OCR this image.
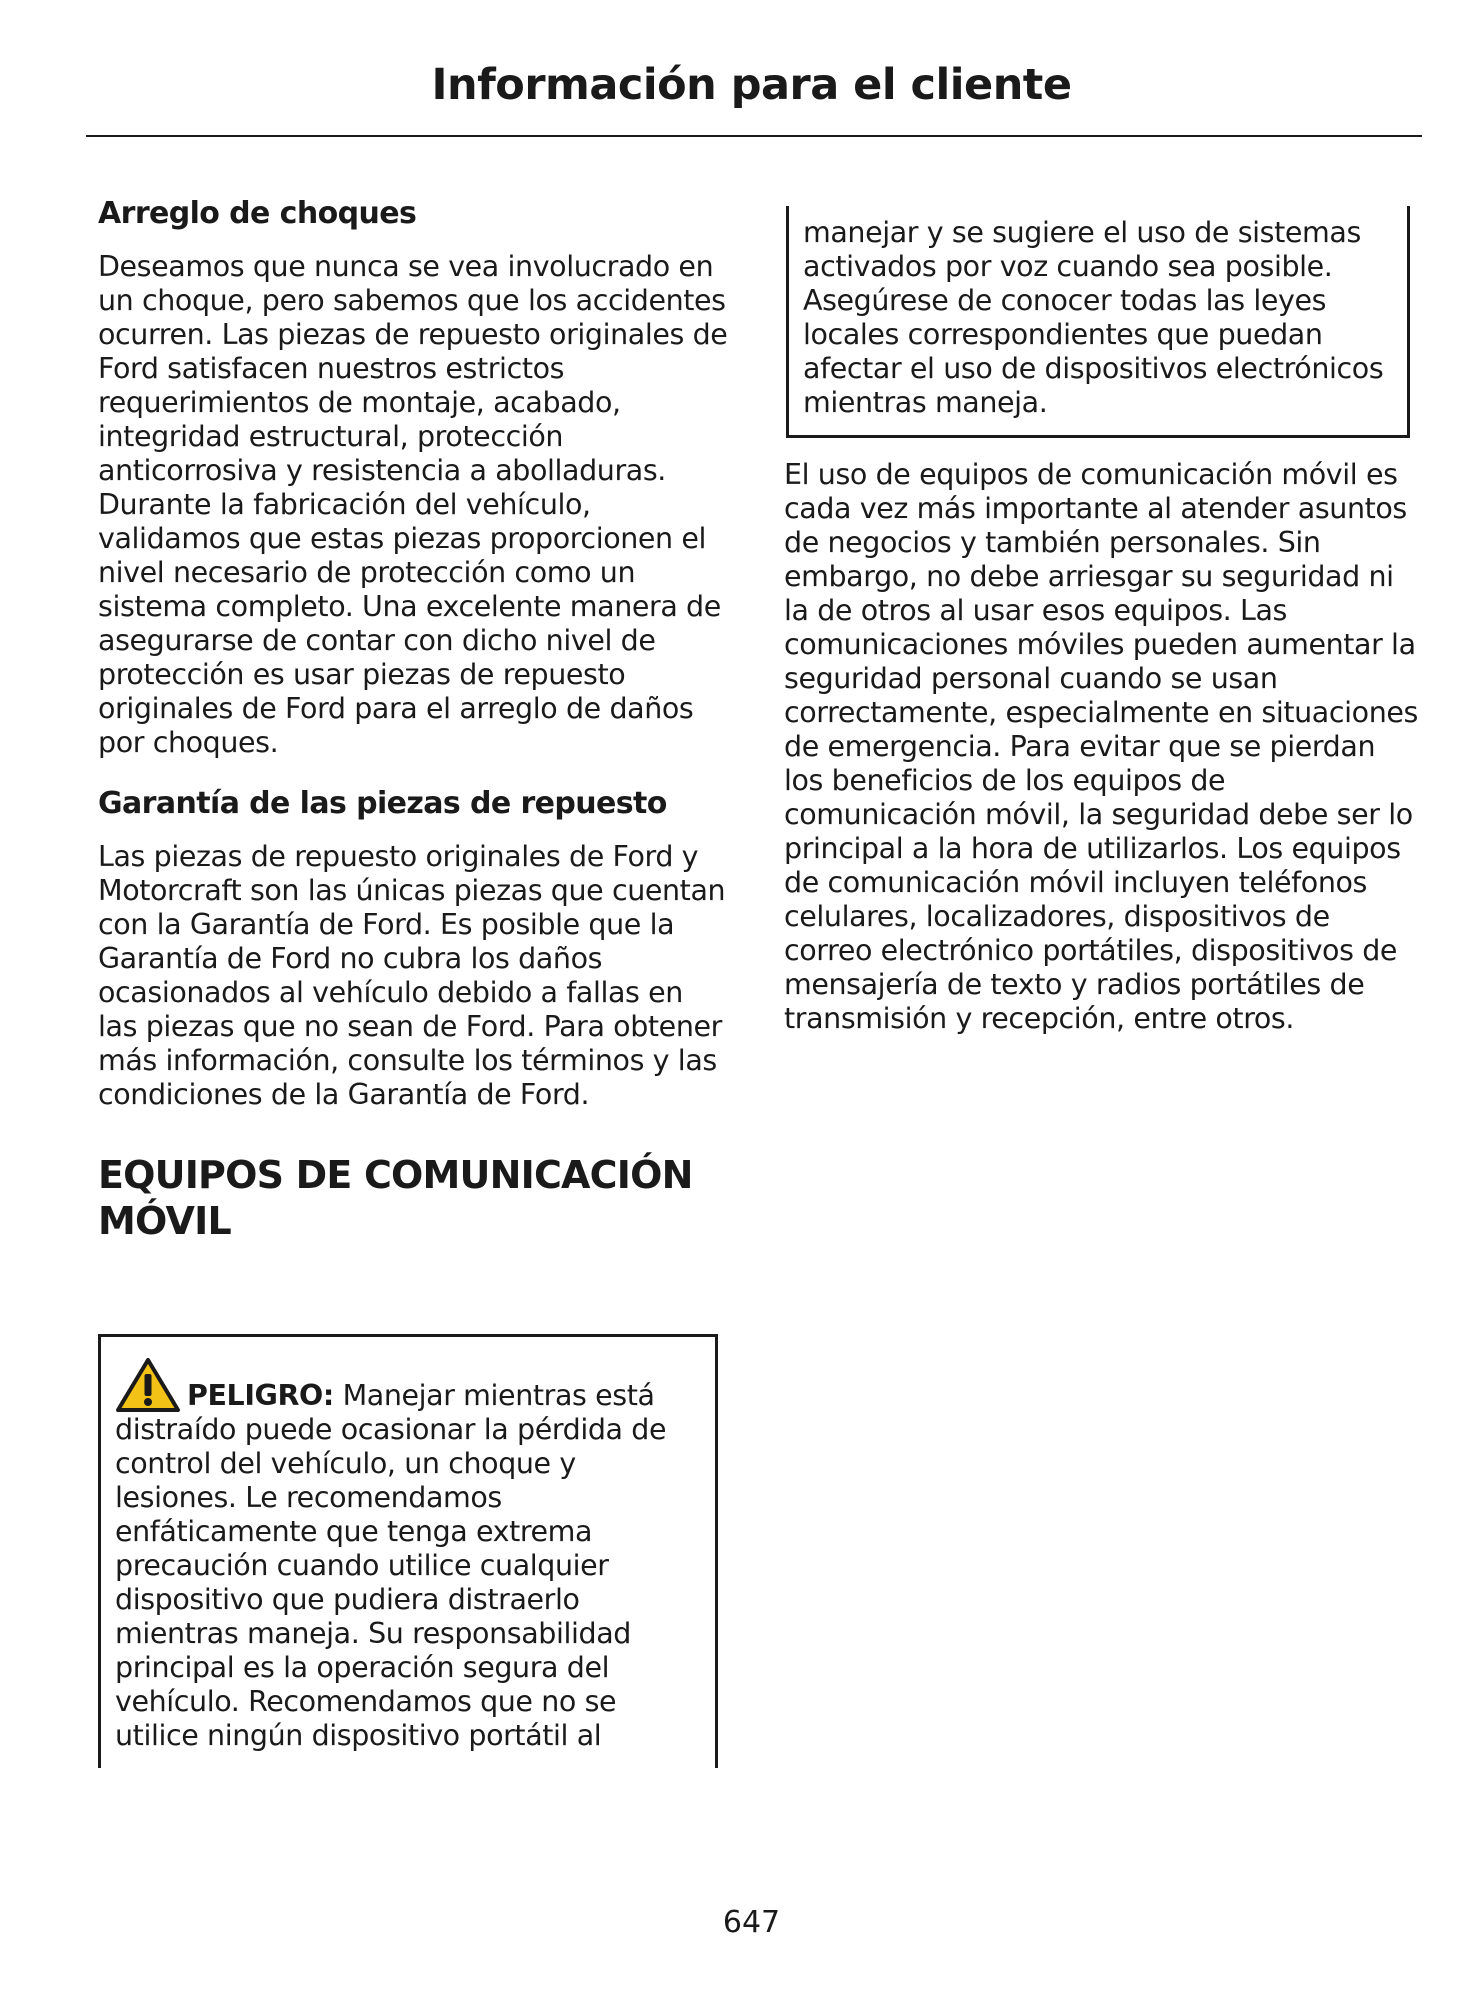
Información para el cliente
Arreglo de choques

Deseamos que nunca se vea involucrado en un choque, pero sabemos que los accidentes ocurren. Las piezas de repuesto originales de Ford satisfacen nuestros estrictos requerimientos de montaje, acabado, integridad estructural, protección anticorrosiva y resistencia a abolladuras. Durante la fabricación del vehículo, validamos que estas piezas proporcionen el nivel necesario de protección como un sistema completo. Una excelente manera de asegurarse de contar con dicho nivel de protección es usar piezas de repuesto originales de Ford para el arreglo de daños por choques.

Garantía de las piezas de repuesto

Las piezas de repuesto originales de Ford y Motorcraft son las únicas piezas que cuentan con la Garantía de Ford. Es posible que la Garantía de Ford no cubra los daños ocasionados al vehículo debido a fallas en las piezas que no sean de Ford. Para obtener más información, consulte los términos y las condiciones de la Garantía de Ford.

EQUIPOS DE COMUNICACIÓN
MÓVIL
PELIGRO: Manejar mientras está distraído puede ocasionar la pérdida de control del vehículo, un choque y lesiones. Le recomendamos enfáticamente que tenga extrema precaución cuando utilice cualquier dispositivo que pudiera distraerlo mientras maneja. Su responsabilidad principal es la operación segura del vehículo. Recomendamos que no se utilice ningún dispositivo portátil al
manejar y se sugiere el uso de sistemas activados por voz cuando sea posible. Asegúrese de conocer todas las leyes locales correspondientes que puedan afectar el uso de dispositivos electrónicos mientras maneja.

El uso de equipos de comunicación móvil es cada vez más importante al atender asuntos de negocios y también personales. Sin embargo, no debe arriesgar su seguridad ni la de otros al usar esos equipos. Las comunicaciones móviles pueden aumentar la seguridad personal cuando se usan correctamente, especialmente en situaciones de emergencia. Para evitar que se pierdan los beneficios de los equipos de comunicación móvil, la seguridad debe ser lo principal a la hora de utilizarlos. Los equipos de comunicación móvil incluyen teléfonos celulares, localizadores, dispositivos de correo electrónico portátiles, dispositivos de mensajería de texto y radios portátiles de transmisión y recepción, entre otros.

647
